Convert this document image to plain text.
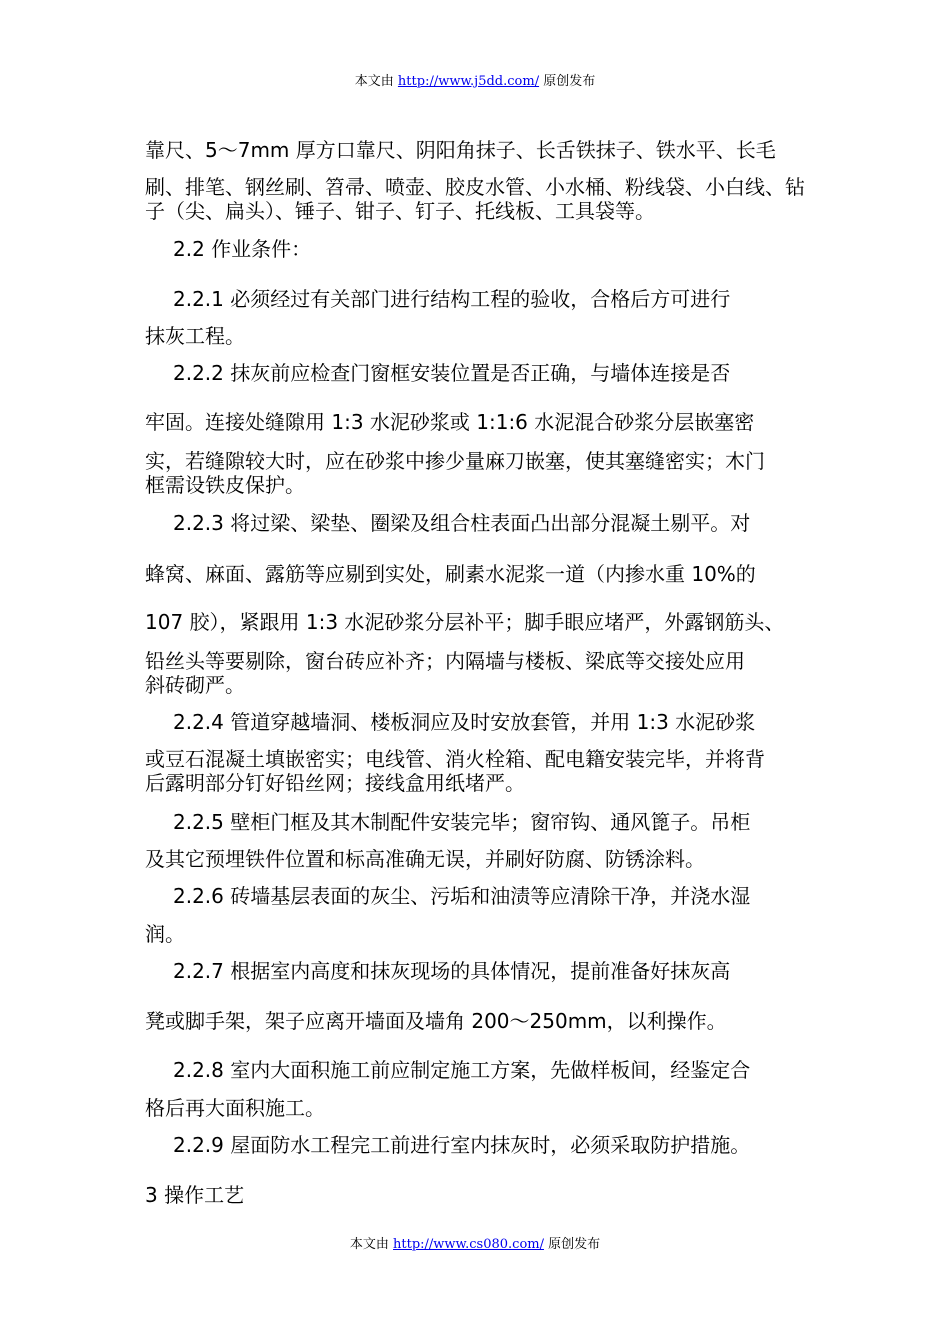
本文由 http://www.j5dd.com/ 原创发布
靠尺、5～7mm 厚方口靠尺、阴阳角抹子、长舌铁抹子、铁水平、长毛
刷、排笔、钢丝刷、笤帚、喷壶、胶皮水管、小水桶、粉线袋、小白线、钻
子（尖、扁头）、锤子、钳子、钉子、托线板、工具袋等。
2.2 作业条件：
2.2.1 必须经过有关部门进行结构工程的验收，合格后方可进行
抹灰工程。
2.2.2 抹灰前应检查门窗框安装位置是否正确，与墙体连接是否
牢固。连接处缝隙用 1:3 水泥砂浆或 1:1:6 水泥混合砂浆分层嵌塞密
实，若缝隙较大时，应在砂浆中掺少量麻刀嵌塞，使其塞缝密实；木门
框需设铁皮保护。
2.2.3 将过梁、梁垫、圈梁及组合柱表面凸出部分混凝土剔平。对
蜂窝、麻面、露筋等应剔到实处，刷素水泥浆一道（内掺水重 10%的
107 胶），紧跟用 1:3 水泥砂浆分层补平；脚手眼应堵严，外露钢筋头、
铅丝头等要剔除，窗台砖应补齐；内隔墙与楼板、梁底等交接处应用
斜砖砌严。
2.2.4 管道穿越墙洞、楼板洞应及时安放套管，并用 1:3 水泥砂浆
或豆石混凝土填嵌密实；电线管、消火栓箱、配电籍安装完毕，并将背
后露明部分钉好铅丝网；接线盒用纸堵严。
2.2.5 壁柜门框及其木制配件安装完毕；窗帘钩、通风篦子。吊柜
及其它预埋铁件位置和标高准确无误，并刷好防腐、防锈涂料。
2.2.6 砖墙基层表面的灰尘、污垢和油渍等应清除干净，并浇水湿
润。
2.2.7 根据室内高度和抹灰现场的具体情况，提前准备好抹灰高
凳或脚手架，架子应离开墙面及墙角 200～250mm，以利操作。
2.2.8 室内大面积施工前应制定施工方案，先做样板间，经鉴定合
格后再大面积施工。
2.2.9 屋面防水工程完工前进行室内抹灰时，必须采取防护措施。
3 操作工艺
本文由 http://www.cs080.com/ 原创发布
